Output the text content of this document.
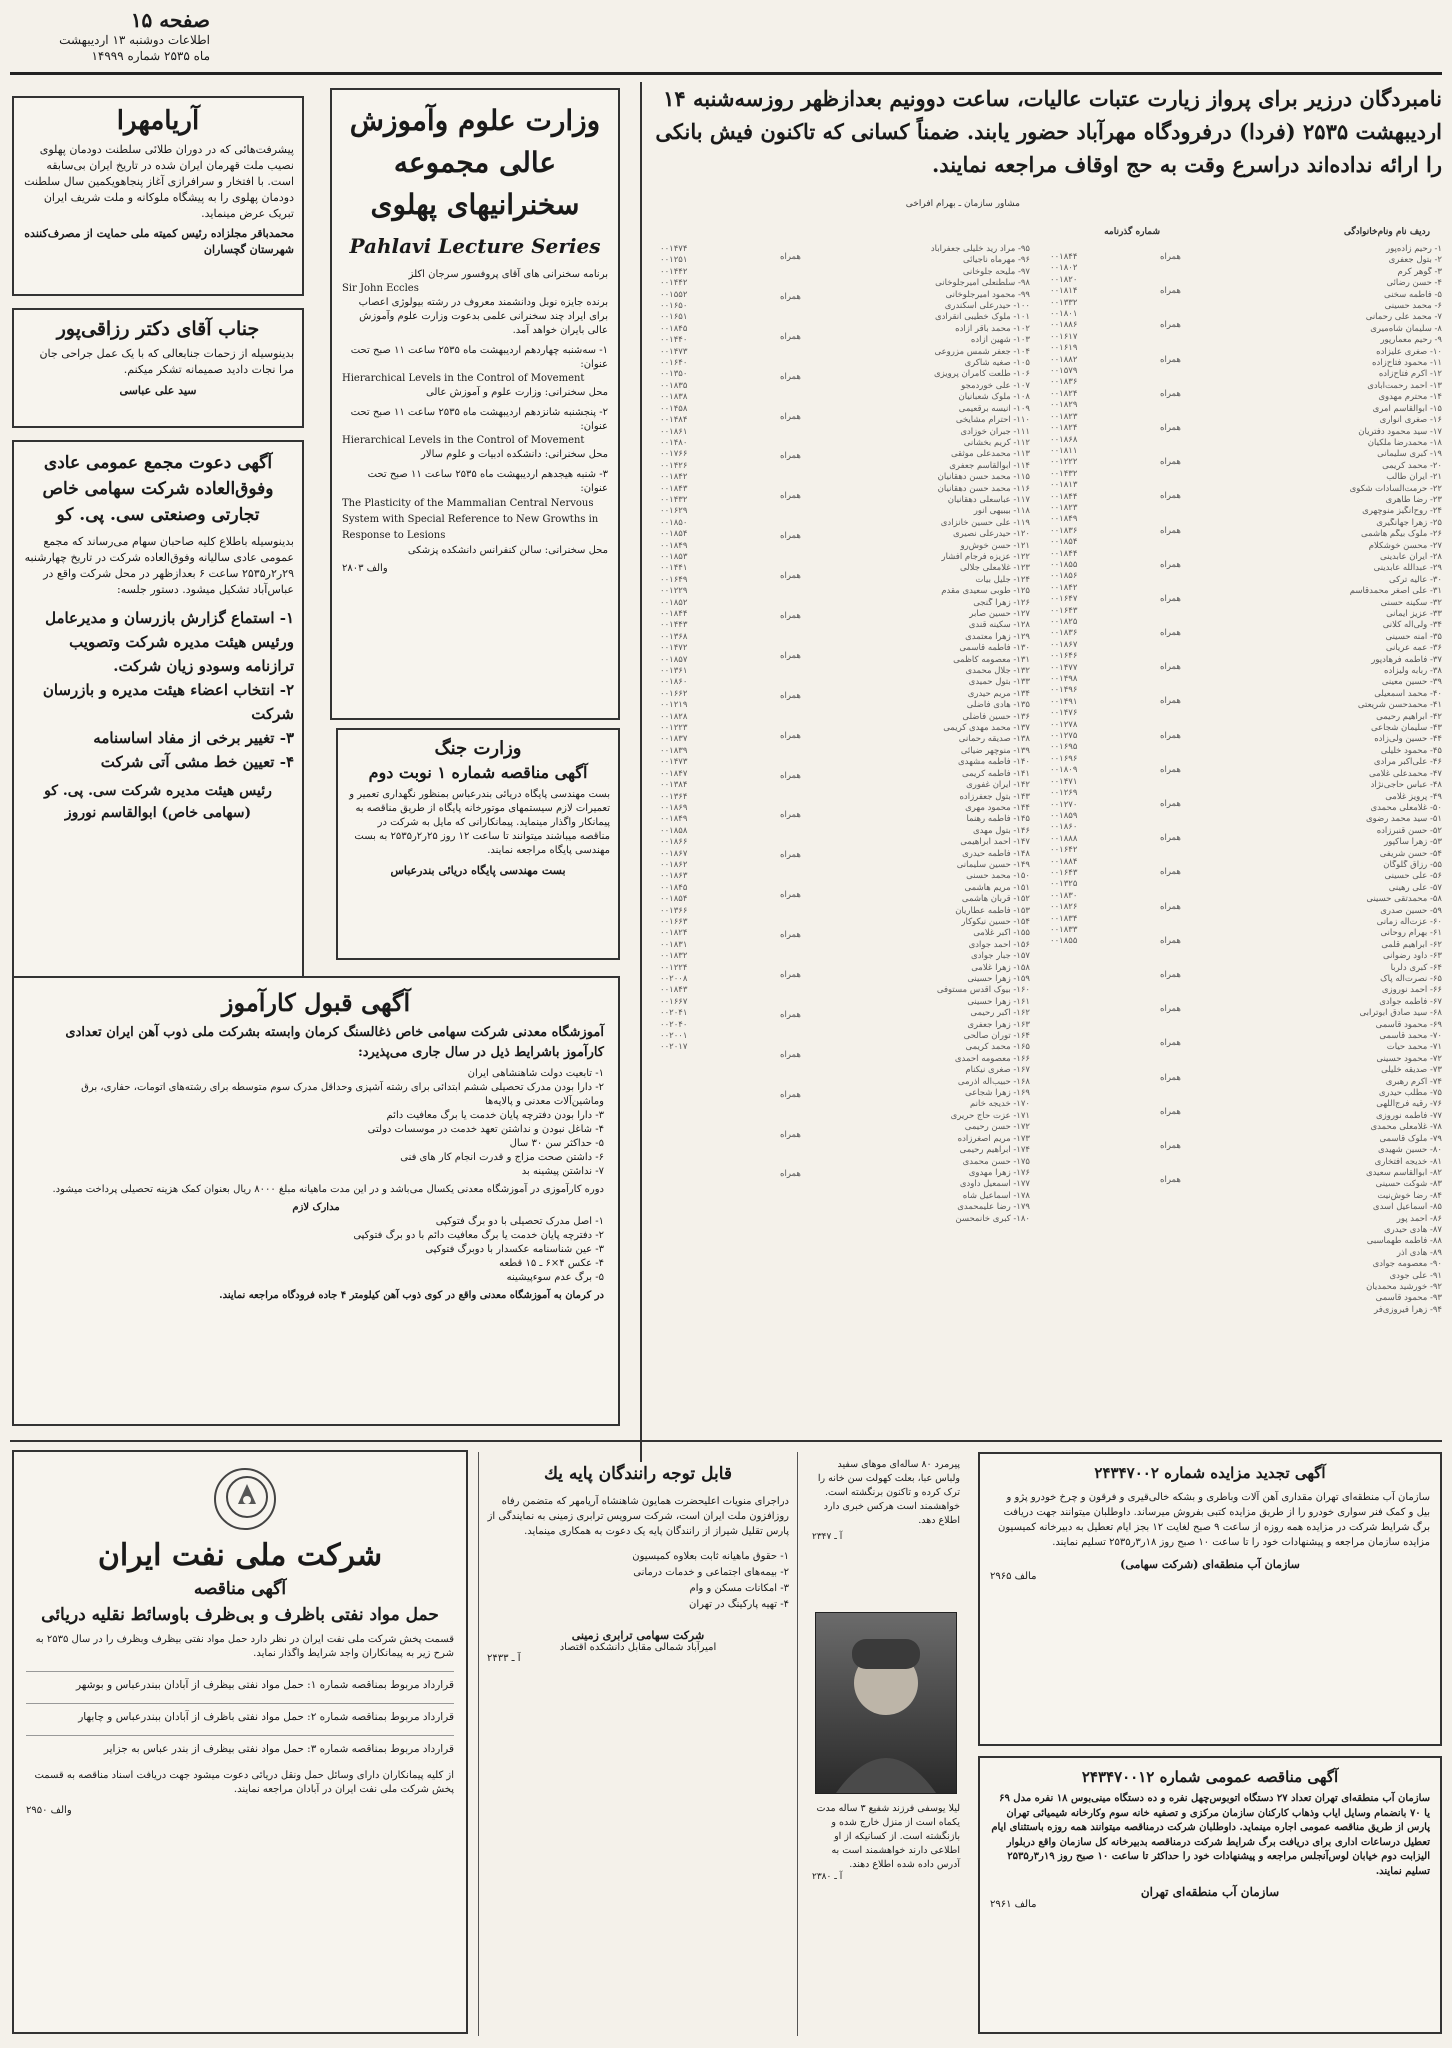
صفحه ۱۵
اطلاعات دوشنبه ۱۳ اردیبهشت
ماه ۲۵۳۵ شماره ۱۴۹۹۹
آریامهرا

پیشرفت‌هائی که در دوران طلائی سلطنت دودمان پهلوی نصیب ملت قهرمان ایران شده در تاریخ ایران بی‌سابقه است. با افتخار و سرافرازی آغاز پنجاهویکمین سال سلطنت دودمان پهلوی را به پیشگاه ملوکانه و ملت شریف ایران تبریک عرض مینماید.

محمدباقر مجلزاده رئیس کمیته ملی حمایت از مصرف‌کننده شهرستان گچساران

جناب آقای دکتر رزاقی‌پور

بدینوسیله از زحمات جنابعالی که با یک عمل جراحی جان مرا نجات دادید صمیمانه تشکر میکنم.

سید علی عباسی

آگهی دعوت مجمع عمومی عادی وفوق‌العاده شرکت سهامی خاص تجارتی وصنعتی سی. پی. کو

بدینوسیله باطلاع کلیه صاحبان سهام می‌رساند که مجمع عمومی عادی سالیانه وفوق‌العاده شرکت در تاریخ چهارشنبه ۲۹ر۲ر۲۵۳۵ ساعت ۶ بعدازظهر در محل شرکت واقع در عباس‌آباد تشکیل میشود. دستور جلسه:

۱- استماع گزارش بازرسان و مدیرعامل ورئیس هیئت مدیره شرکت وتصویب ترازنامه وسودو زیان شرکت.

۲- انتخاب اعضاء هیئت مدیره و بازرسان شرکت

۳- تغییر برخی از مفاد اساسنامه

۴- تعیین خط مشی آتی شرکت

رئیس هیئت مدیره شرکت سی. پی. کو (سهامی خاص) ابوالقاسم نوروز

وزارت علوم وآموزش عالی مجموعه سخنرانیهای پهلوی
Pahlavi Lecture Series

برنامه سخنرانی های آقای پروفسور سرجان اکلز

Sir John Eccles

برنده جایزه نوبل ودانشمند معروف در رشته بیولوژی اعصاب برای ایراد چند سخنرانی علمی بدعوت وزارت علوم وآموزش عالی بایران خواهد آمد.

۱- سه‌شنبه چهاردهم اردیبهشت ماه ۲۵۳۵ ساعت ۱۱ صبح تحت عنوان:

Hierarchical Levels in the Control of Movement

محل سخنرانی: وزارت علوم و آموزش عالی

۲- پنجشنبه شانزدهم اردیبهشت ماه ۲۵۳۵ ساعت ۱۱ صبح تحت عنوان:

Hierarchical Levels in the Control of Movement

محل سخنرانی: دانشکده ادبیات و علوم سالار

۳- شنبه هیجدهم اردیبهشت ماه ۲۵۳۵ ساعت ۱۱ صبح تحت عنوان:

The Plasticity of the Mammalian Central Nervous System with Special Reference to New Growths in Response to Lesions

محل سخنرانی: سالن کنفرانس دانشکده پزشکی

والف ۲۸۰۳

وزارت جنگ
آگهی مناقصه شماره ۱ نوبت دوم

بست مهندسی پایگاه دریائی بندرعباس بمنظور نگهداری تعمیر و تعمیرات لازم سیستمهای موتورخانه پایگاه از طریق مناقصه به پیمانکار واگذار مینماید. پیمانکارانی که مایل به شرکت در مناقصه میباشند میتوانند تا ساعت ۱۲ روز ۲۵ر۲ر۲۵۳۵ به بست مهندسی پایگاه مراجعه نمایند.

بست مهندسی پایگاه دریائی بندرعباس

آگهی قبول کارآموز

آموزشگاه معدنی شرکت سهامی خاص ذغالسنگ کرمان وابسته بشرکت ملی ذوب آهن ایران تعدادی کارآموز باشرایط ذیل در سال جاری می‌پذیرد:

۱- تابعیت دولت شاهنشاهی ایران

۲- دارا بودن مدرک تحصیلی ششم ابتدائی برای رشته آشپزی وحداقل مدرک سوم متوسطه برای رشته‌های اتومات، حفاری، برق وماشین‌آلات معدنی و پالایه‌ها

۳- دارا بودن دفترچه پایان خدمت یا برگ معافیت دائم

۴- شاغل نبودن و نداشتن تعهد خدمت در موسسات دولتی

۵- حداکثر سن ۳۰ سال

۶- داشتن صحت مزاج و قدرت انجام کار های فنی

۷- نداشتن پیشینه بد

دوره کارآموزی در آموزشگاه معدنی یکسال می‌باشد و در این مدت ماهیانه مبلغ ۸۰۰۰ ریال بعنوان کمک هزینه تحصیلی پرداخت میشود.

مدارک لازم

۱- اصل مدرک تحصیلی با دو برگ فتوکپی

۲- دفترچه پایان خدمت یا برگ معافیت دائم با دو برگ فتوکپی

۳- عین شناسنامه عکسدار با دوبرگ فتوکپی

۴- عکس ۴×۶ ـ ۱۵ قطعه

۵- برگ عدم سوءپیشینه

در کرمان به آموزشگاه معدنی واقع در کوی ذوب آهن کیلومتر ۴ جاده فرودگاه مراجعه نمایند.

نامبردگان درزیر برای پرواز زیارت عتبات عالیات، ساعت دوونیم بعدازظهر روزسه‌شنبه ۱۴ اردیبهشت ۲۵۳۵ (فردا) درفرودگاه مهرآباد حضور یابند. ضمناً کسانی که تاکنون فیش بانکی را ارائه نداده‌اند دراسرع وقت به حج اوقاف مراجعه نمایند.

مشاور سازمان ـ بهرام افراخی
ردیف نام ونام‌خانوادگی
شماره گذرنامه
۱- رحیم زاده‌پور
۲- بتول جعفری
۳- گوهر کرم
۴- حسن رضائی
۵- فاطمه سخنی
۶- محمد حسینی
۷- محمد علی رحمانی
۸- سلیمان شاه‌میری
۹- رحیم معمارپور
۱۰- صغری علیزاده
۱۱- محمود فتاح‌زاده
۱۲- اکرم فتاح‌زاده
۱۳- احمد رحمت‌آبادی
۱۴- محترم مهدوی
۱۵- ابوالقاسم آمری
۱۶- صغری انواری
۱۷- سید محمود دفتریان
۱۸- محمدرضا ملکیان
۱۹- کبری سلیمانی
۲۰- محمد کریمی
۲۱- ایران طالب
۲۲- حرمت‌السادات شکوی
۲۳- رضا طاهری
۲۴- روح‌انگیز منوچهری
۲۵- زهرا جهانگیری
۲۶- ملوک بیگم هاشمی
۲۷- محسن خوشکلام
۲۸- ایران عابدینی
۲۹- عبدالله عابدینی
۳۰- عالیه ترکی
۳۱- علی اصغر محمدقاسم
۳۲- سکینه حسنی
۳۳- عزیز ایمانی
۳۴- ولی‌اله کلانی
۳۵- آمنه حسینی
۳۶- عمه عریانی
۳۷- فاطمه فرهادپور
۳۸- ربابه ولیزاده
۳۹- حسین معینی
۴۰- محمد اسمعیلی
۴۱- محمدحسن شریعتی
۴۲- ابراهیم رحیمی
۴۳- سلیمان شجاعی
۴۴- حسین ولی‌زاده
۴۵- محمود خلیلی
۴۶- علی‌اکبر مرادی
۴۷- محمدعلی غلامی
۴۸- عباس حاجی‌نژاد
۴۹- پرویز غلامی
۵۰- غلامعلی محمدی
۵۱- سید محمد رضوی
۵۲- حسن قنبرزاده
۵۳- زهرا ساکپور
۵۴- حسن شریفی
۵۵- رزاق گلوگان
۵۶- علی حسینی
۵۷- علی رهینی
۵۸- محمدتقی حسینی
۵۹- حسین صدری
۶۰- عزت‌اله زمانی
۶۱- بهرام روحانی
۶۲- ابراهیم قلمی
۶۳- داود رضوانی
۶۴- کبری دلربا
۶۵- نصرت‌اله پاک
۶۶- احمد نوروزی
۶۷- فاطمه جوادی
۶۸- سید صادق ابوترابی
۶۹- محمود قاسمی
۷۰- محمد قاسمی
۷۱- محمد حیات
۷۲- محمود حسینی
۷۳- صدیقه خلیلی
۷۴- اکرم رهبری
۷۵- مطلب حیدری
۷۶- رقیه فرج‌اللهی
۷۷- فاطمه نوروزی
۷۸- غلامعلی محمدی
۷۹- ملوک قاسمی
۸۰- حسین شهیدی
۸۱- خدیجه افتخاری
۸۲- ابوالقاسم سعیدی
۸۳- شوکت حسینی
۸۴- رضا خوش‌نیت
۸۵- اسماعیل اسدی
۸۶- احمد پور
۸۷- هادی حیدری
۸۸- فاطمه طهماسبی
۸۹- هادی آذر
۹۰- معصومه جوادی
۹۱- علی جودی
۹۲- خورشید محمدیان
۹۳- محمود قاسمی
۹۴- زهرا فیروزی‌فر
همراه
همراه
همراه
همراه
همراه
همراه
همراه
همراه
همراه
همراه
همراه
همراه
همراه
همراه
همراه
همراه
همراه
همراه
همراه
همراه
همراه
همراه
همراه
همراه
همراه
همراه
همراه
همراه
۰۰۱۸۴۴
۰۰۱۸۰۲
۰۰۱۸۲۰
۰۰۱۸۱۴
۰۰۱۳۳۲
۰۰۱۸۰۱
۰۰۱۸۸۶
۰۰۱۶۱۷
۰۰۱۶۱۹
۰۰۱۸۸۲
۰۰۱۵۷۹
۰۰۱۸۳۶
۰۰۱۸۲۴
۰۰۱۸۲۹
۰۰۱۸۲۳
۰۰۱۸۲۴
۰۰۱۸۶۸
۰۰۱۸۱۱
۰۰۱۲۲۲
۰۰۱۴۳۲
۰۰۱۸۱۳
۰۰۱۸۴۴
۰۰۱۸۲۳
۰۰۱۸۴۹
۰۰۱۸۳۶
۰۰۱۸۵۴
۰۰۱۸۴۴
۰۰۱۸۵۵
۰۰۱۸۵۶
۰۰۱۸۴۲
۰۰۱۶۴۷
۰۰۱۶۴۳
۰۰۱۸۲۵
۰۰۱۸۳۶
۰۰۱۸۶۷
۰۰۱۶۴۶
۰۰۱۴۷۷
۰۰۱۴۹۸
۰۰۱۴۹۶
۰۰۱۴۹۱
۰۰۱۴۷۶
۰۰۱۲۷۸
۰۰۱۲۷۵
۰۰۱۶۹۵
۰۰۱۶۹۶
۰۰۱۸۰۹
۰۰۱۴۷۱
۰۰۱۲۶۹
۰۰۱۲۷۰
۰۰۱۸۵۹
۰۰۱۸۶۰
۰۰۱۸۸۸
۰۰۱۶۴۲
۰۰۱۸۸۴
۰۰۱۶۴۳
۰۰۱۳۲۵
۰۰۱۸۳۰
۰۰۱۸۲۶
۰۰۱۸۳۴
۰۰۱۸۳۳
۰۰۱۸۵۵
۹۵- مراد رید خلیلی جعفرآباد
۹۶- مهرماه ناجیائی
۹۷- ملیحه جلوخانی
۹۸- سلطنعلی امیرجلوخانی
۹۹- محمود امیرجلوخانی
۱۰۰- حیدرعلی اسکندری
۱۰۱- ملوک خطیبی انقرادی
۱۰۲- محمد باقر آزاده
۱۰۳- شهین آزاده
۱۰۴- جعفر شمس مزروعی
۱۰۵- صغیه شاکری
۱۰۶- طلعت کامران پرویزی
۱۰۷- علی خوردمجو
۱۰۸- ملوک شعبانیان
۱۰۹- انیسه برقعیمی
۱۱۰- احترام مشایخی
۱۱۱- جبران خوزادی
۱۱۲- کریم بخشانی
۱۱۳- محمدعلی موثقی
۱۱۴- ابوالقاسم جعفری
۱۱۵- محمد حسن دهقانیان
۱۱۶- محمد حسن دهقانیان
۱۱۷- عباسعلی دهقانیان
۱۱۸- بیبیهی انور
۱۱۹- علی حسین خانزادی
۱۲۰- حیدرعلی نصیری
۱۲۱- حسن خوش‌رو
۱۲۲- عزیزه فرجام افشار
۱۲۳- غلامعلی جلالی
۱۲۴- جلیل بیات
۱۲۵- طوبی سعیدی مقدم
۱۲۶- زهرا گنجی
۱۲۷- حسین صابر
۱۲۸- سکینه قندی
۱۲۹- زهرا معتمدی
۱۳۰- فاطمه قاسمی
۱۳۱- معصومه کاظمی
۱۳۲- جلال محمدی
۱۳۳- بتول حمیدی
۱۳۴- مریم حیدری
۱۳۵- هادی فاضلی
۱۳۶- حسین فاضلی
۱۳۷- محمد مهدی کریمی
۱۳۸- صدیقه رحمانی
۱۳۹- منوچهر ضیائی
۱۴۰- فاطمه مشهدی
۱۴۱- فاطمه کریمی
۱۴۲- ایران غفوری
۱۴۳- بتول جعفرزاده
۱۴۴- محمود مهری
۱۴۵- فاطمه رهنما
۱۴۶- بتول مهدی
۱۴۷- احمد ابراهیمی
۱۴۸- فاطمه حیدری
۱۴۹- حسین سلیمانی
۱۵۰- محمد حسنی
۱۵۱- مریم هاشمی
۱۵۲- قربان هاشمی
۱۵۳- فاطمه عطاریان
۱۵۴- حسین نیکوکار
۱۵۵- اکبر غلامی
۱۵۶- احمد جوادی
۱۵۷- جبار جوادی
۱۵۸- زهرا غلامی
۱۵۹- زهرا حسینی
۱۶۰- بیوک اقدس مستوفی
۱۶۱- زهرا حسینی
۱۶۲- اکبر رحیمی
۱۶۳- زهرا جعفری
۱۶۴- توران صالحی
۱۶۵- محمد کریمی
۱۶۶- معصومه احمدی
۱۶۷- صغری نیکنام
۱۶۸- حبیب‌اله آذرمی
۱۶۹- زهرا شجاعی
۱۷۰- خدیجه خانم
۱۷۱- عزت حاج حریری
۱۷۲- حسن رحیمی
۱۷۳- مریم اصغرزاده
۱۷۴- ابراهیم رحیمی
۱۷۵- حسن محمدی
۱۷۶- زهرا مهدوی
۱۷۷- اسمعیل داودی
۱۷۸- اسماعیل شاه
۱۷۹- رضا علیمحمدی
۱۸۰- کبری خانمحسن
همراه
همراه
همراه
همراه
همراه
همراه
همراه
همراه
همراه
همراه
همراه
همراه
همراه
همراه
همراه
همراه
همراه
همراه
همراه
همراه
همراه
همراه
همراه
همراه
۰۰۱۴۷۴
۰۰۱۲۵۱
۰۰۱۴۴۲
۰۰۱۴۴۲
۰۰۱۵۵۲
۰۰۱۶۵۰
۰۰۱۶۵۱
۰۰۱۸۴۵
۰۰۱۴۴۰
۰۰۱۴۷۳
۰۰۱۶۴۰
۰۰۱۳۵۰
۰۰۱۸۳۵
۰۰۱۸۳۸
۰۰۱۴۵۸
۰۰۱۴۸۴
۰۰۱۸۶۱
۰۰۱۴۸۰
۰۰۱۷۶۶
۰۰۱۴۲۶
۰۰۱۸۴۲
۰۰۱۸۴۳
۰۰۱۴۳۲
۰۰۱۶۲۹
۰۰۱۸۵۰
۰۰۱۸۵۴
۰۰۱۸۴۹
۰۰۱۸۵۳
۰۰۱۴۴۱
۰۰۱۶۴۹
۰۰۱۲۲۹
۰۰۱۸۵۲
۰۰۱۸۴۴
۰۰۱۴۴۳
۰۰۱۳۶۸
۰۰۱۴۷۲
۰۰۱۸۵۷
۰۰۱۳۶۱
۰۰۱۸۶۰
۰۰۱۶۶۲
۰۰۱۲۱۹
۰۰۱۸۲۸
۰۰۱۲۲۳
۰۰۱۸۳۷
۰۰۱۸۳۹
۰۰۱۴۷۳
۰۰۱۸۴۷
۰۰۱۳۸۴
۰۰۱۳۶۴
۰۰۱۸۶۹
۰۰۱۸۴۹
۰۰۱۸۵۸
۰۰۱۸۶۶
۰۰۱۸۶۷
۰۰۱۸۶۲
۰۰۱۸۶۳
۰۰۱۸۴۵
۰۰۱۸۵۴
۰۰۱۳۶۶
۰۰۱۶۶۳
۰۰۱۸۲۴
۰۰۱۸۳۱
۰۰۱۸۳۲
۰۰۱۲۲۴
۰۰۲۰۰۸
۰۰۱۸۴۳
۰۰۱۶۶۷
۰۰۲۰۴۱
۰۰۲۰۴۰
۰۰۲۰۰۱
۰۰۲۰۱۷
شرکت ملی نفت ایران
آگهی مناقصه
حمل مواد نفتی باظرف و بی‌ظرف باوسائط نقلیه دریائی

قسمت پخش شرکت ملی نفت ایران در نظر دارد حمل مواد نفتی بیظرف وبظرف را در سال ۲۵۳۵ به شرح زیر به پیمانکاران واجد شرایط واگذار نماید.

قرارداد مربوط بمناقصه شماره ۱: حمل مواد نفتی بیظرف از آبادان ببندرعباس و بوشهر

قرارداد مربوط بمناقصه شماره ۲: حمل مواد نفتی باظرف از آبادان ببندرعباس و چابهار

قرارداد مربوط بمناقصه شماره ۳: حمل مواد نفتی بیظرف از بندر عباس به جزایر

از کلیه پیمانکاران دارای وسائل حمل ونقل دریائی دعوت میشود جهت دریافت اسناد مناقصه به قسمت پخش شرکت ملی نفت ایران در آبادان مراجعه نمایند.

والف ۲۹۵۰

قابل توجه رانندگان پایه یك

دراجرای منویات اعلیحضرت همایون شاهنشاه آریامهر که متضمن رفاه روزافزون ملت ایران است، شرکت سرویس ترابری زمینی به نمایندگی از پارس تقلیل شیراز از رانندگان پایه یک دعوت به همکاری مینماید.

۱- حقوق ماهیانه ثابت بعلاوه کمیسیون

۲- بیمه‌های اجتماعی و خدمات درمانی

۳- امکانات مسکن و وام

۴- تهیه پارکینگ در تهران

شرکت سهامی ترابری زمینی

امیرآباد شمالی مقابل دانشکده اقتصاد

آ ـ ۲۴۳۳

پیرمرد ۸۰ ساله‌ای موهای سفید ولباس عبا، بعلت کهولت سن خانه را ترک کرده و تاکنون برنگشته است. خواهشمند است هرکس خبری دارد اطلاع دهد.

آ ـ ۲۳۴۷

لیلا یوسفی فرزند شفیع ۳ ساله مدت یکماه است از منزل خارج شده و بازنگشته است. از کسانیکه از او اطلاعی دارند خواهشمند است به آدرس داده شده اطلاع دهند.

آ ـ ۲۳۸۰

آگهی تجدید مزایده شماره ۲۴۳۴۷۰۰۲

سازمان آب منطقه‌ای تهران مقداری آهن آلات وباطری و بشکه خالی‌قیری و فرقون و چرخ خودرو پژو و بیل و کمک فنر سواری خودرو را از طریق مزایده کتبی بفروش میرساند. داوطلبان میتوانند جهت دریافت برگ شرایط شرکت در مزایده همه روزه از ساعت ۹ صبح لغایت ۱۲ بجز ایام تعطیل به دبیرخانه کمیسیون مزایده سازمان مراجعه و پیشنهادات خود را تا ساعت ۱۰ صبح روز ۱۸ر۳ر۲۵۳۵ تسلیم نمایند.

سازمان آب منطقه‌ای (شرکت سهامی)

مالف ۲۹۶۵

آگهی مناقصه عمومی شماره ۲۴۳۴۷۰۰۱۲

سازمان آب منطقه‌ای تهران تعداد ۲۷ دستگاه اتوبوس‌چهل نفره و ده دستگاه مینی‌بوس ۱۸ نفره مدل ۶۹ یا ۷۰ بانضمام وسایل ایاب وذهاب کارکنان سازمان مرکزی و تصفیه خانه سوم وکارخانه شیمیائی تهران پارس از طریق مناقصه عمومی اجاره مینماید. داوطلبان شرکت درمناقصه میتوانند همه روزه باستثنای ایام تعطیل درساعات اداری برای دریافت برگ شرایط شرکت درمناقصه بدبیرخانه کل سازمان واقع دربلوار الیزابت دوم خیابان لوس‌آنجلس مراجعه و پیشنهادات خود را حداکثر تا ساعت ۱۰ صبح روز ۱۹ر۳ر۲۵۳۵ تسلیم نمایند.

سازمان آب منطقه‌ای تهران

مالف ۲۹۶۱
